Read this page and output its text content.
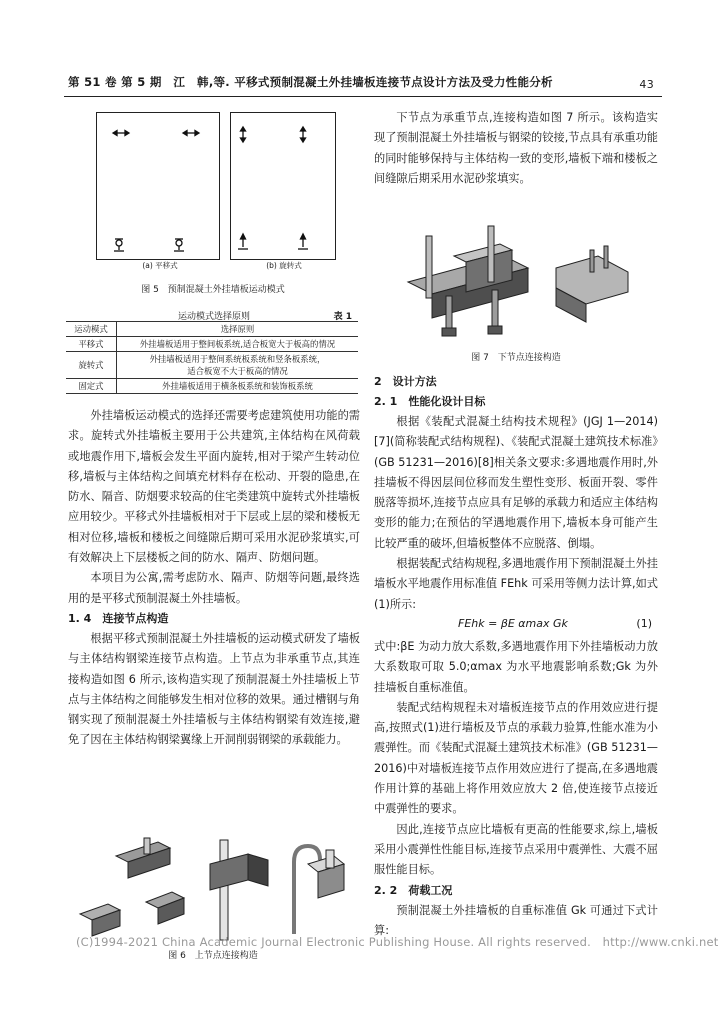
第 51 卷 第 5 期　江　韩,等. 平移式预制混凝土外挂墙板连接节点设计方法及受力性能分析	43
(a) 平移式	(b) 旋转式
图 5　预制混凝土外挂墙板运动模式
运动模式选择原则	表 1
运动模式	选择原则
平移式	外挂墙板适用于整间板系统,适合板宽大于板高的情况
旋转式	外挂墙板适用于整间系统板系统和竖条板系统，适合板宽不大于板高的情况
固定式	外挂墙板适用于横条板系统和装饰板系统

外挂墙板运动模式的选择还需要考虑建筑使用功能的需求。旋转式外挂墙板主要用于公共建筑,主体结构在风荷载或地震作用下,墙板会发生平面内旋转,相对于梁产生转动位移,墙板与主体结构之间填充材料存在松动、开裂的隐患,在防水、隔音、防烟要求较高的住宅类建筑中旋转式外挂墙板应用较少。平移式外挂墙板相对于下层或上层的梁和楼板无相对位移,墙板和楼板之间缝隙后期可采用水泥砂浆填实,可有效解决上下层楼板之间的防水、隔声、防烟问题。

本项目为公寓,需考虑防水、隔声、防烟等问题,最终选用的是平移式预制混凝土外挂墙板。

1. 4　连接节点构造

根据平移式预制混凝土外挂墙板的运动模式研发了墙板与主体结构钢梁连接节点构造。上节点为非承重节点,其连接构造如图 6 所示,该构造实现了预制混凝土外挂墙板上节点与主体结构之间能够发生相对位移的效果。通过槽钢与角钢实现了预制混凝土外挂墙板与主体结构钢梁有效连接,避免了因在主体结构钢梁翼缘上开洞削弱钢梁的承载能力。

图 6　上节点连接构造

下节点为承重节点,连接构造如图 7 所示。该构造实现了预制混凝土外挂墙板与钢梁的铰接,节点具有承重功能的同时能够保持与主体结构一致的变形,墙板下端和楼板之间缝隙后期采用水泥砂浆填实。

图 7　下节点连接构造

2　设计方法

2. 1　性能化设计目标

根据《装配式混凝土结构技术规程》(JGJ 1—2014)[7](简称装配式结构规程)、《装配式混凝土建筑技术标准》(GB 51231—2016)[8]相关条文要求:多遇地震作用时,外挂墙板不得因层间位移而发生塑性变形、板面开裂、零件脱落等损坏,连接节点应具有足够的承载力和适应主体结构变形的能力;在预估的罕遇地震作用下,墙板本身可能产生比较严重的破坏,但墙板整体不应脱落、倒塌。

根据装配式结构规程,多遇地震作用下预制混凝土外挂墙板水平地震作用标准值 FEhk 可采用等侧力法计算,如式(1)所示:

FEhk = βE αmax Gk	(1)

式中:βE 为动力放大系数,多遇地震作用下外挂墙板动力放大系数取可取 5.0;αmax 为水平地震影响系数;Gk 为外挂墙板自重标准值。

装配式结构规程未对墙板连接节点的作用效应进行提高,按照式(1)进行墙板及节点的承载力验算,性能水准为小震弹性。而《装配式混凝土建筑技术标准》(GB 51231—2016)中对墙板连接节点作用效应进行了提高,在多遇地震作用计算的基础上将作用效应放大 2 倍,使连接节点接近中震弹性的要求。

因此,连接节点应比墙板有更高的性能要求,综上,墙板采用小震弹性性能目标,连接节点采用中震弹性、大震不屈服性能目标。

2. 2　荷载工况

预制混凝土外挂墙板的自重标准值 Gk 可通过下式计算:

(C)1994-2021 China Academic Journal Electronic Publishing House. All rights reserved.　http://www.cnki.net
